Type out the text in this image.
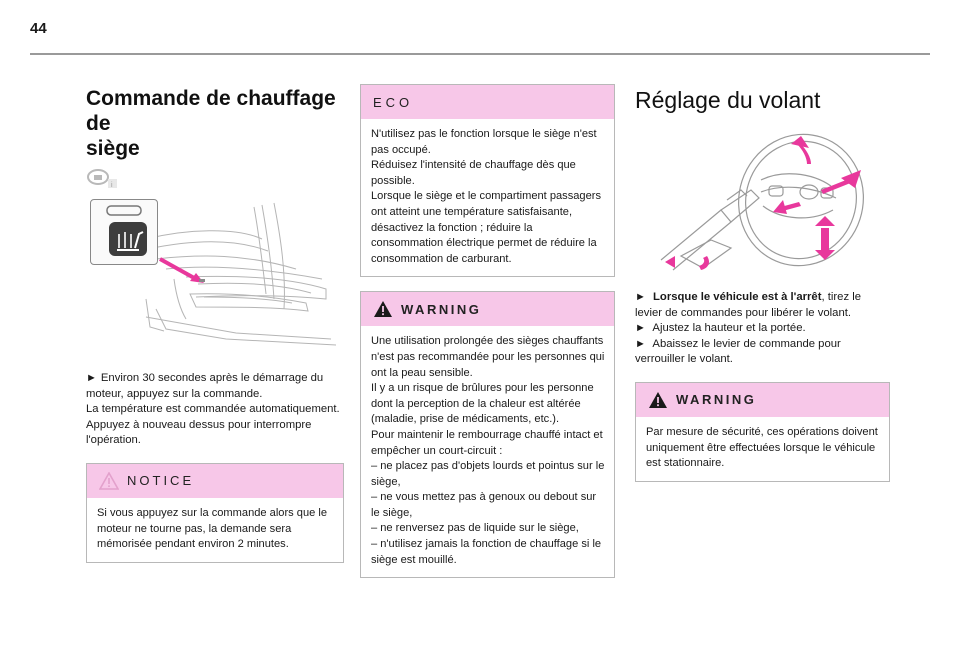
44
Commande de chauffage de
siège
i

► Environ 30 secondes après le démarrage du moteur, appuyez sur la commande.

La température est commandée automatiquement.

Appuyez à nouveau dessus pour interrompre l'opération.

NOTICE
Si vous appuyez sur la commande alors que le moteur ne tourne pas, la demande sera mémorisée pendant environ 2 minutes.
ECO

N'utilisez pas le fonction lorsque le siège n'est pas occupé.

Réduisez l'intensité de chauffage dès que possible.

Lorsque le siège et le compartiment passagers ont atteint une température satisfaisante, désactivez la fonction ; réduire la consommation électrique permet de réduire la consommation de carburant.

WARNING

Une utilisation prolongée des sièges chauffants n'est pas recommandée pour les personnes qui ont la peau sensible.

Il y a un risque de brûlures pour les personne dont la perception de la chaleur est altérée (maladie, prise de médicaments, etc.).

Pour maintenir le rembourrage chauffé intact et empêcher un court-circuit :

– ne placez pas d'objets lourds et pointus sur le siège,

– ne vous mettez pas à genoux ou debout sur le siège,

– ne renversez pas de liquide sur le siège,

– n'utilisez jamais la fonction de chauffage si le siège est mouillé.

Réglage du volant

► Lorsque le véhicule est à l'arrêt, tirez le levier de commandes pour libérer le volant.

► Ajustez la hauteur et la portée.

► Abaissez le levier de commande pour verrouiller le volant.

WARNING
Par mesure de sécurité, ces opérations doivent uniquement être effectuées lorsque le véhicule est stationnaire.
